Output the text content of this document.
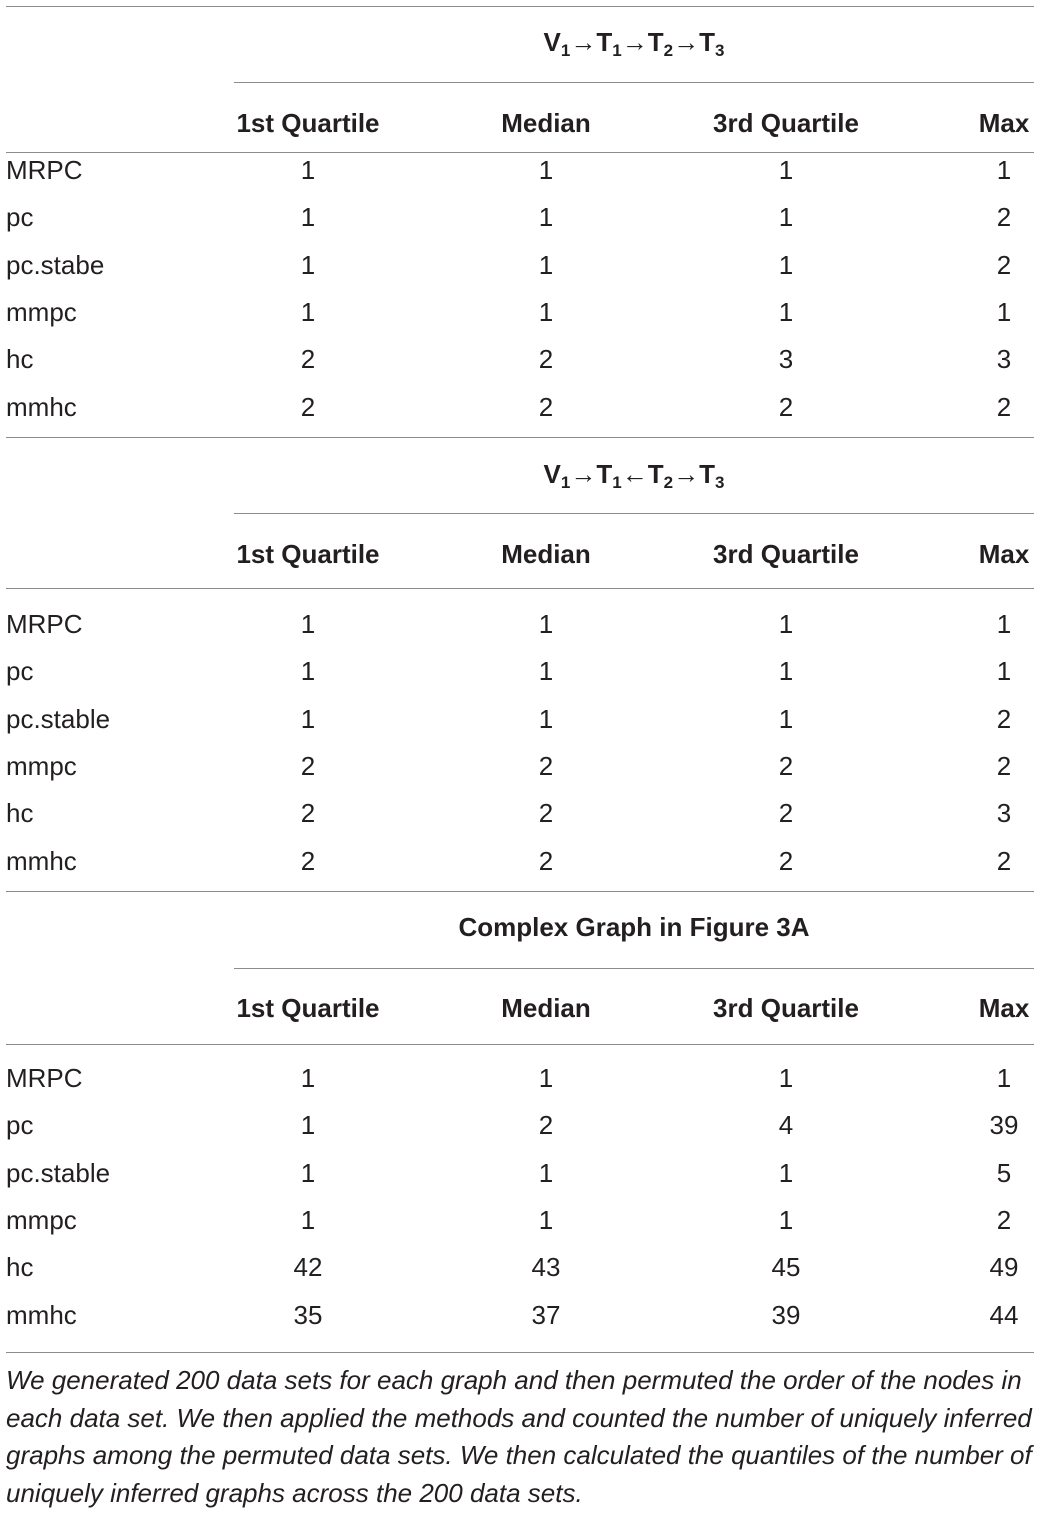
$V_1\to T_1\to T_2\to T_3$
1st Quartile	Median	3rd Quartile	Max
MRPC	1	1	1	1
pc	1	1	1	2
pc.stabe	1	1	1	2
mmpc	1	1	1	1
hc	2	2	3	3
mmhc	2	2	2	2
$V_1\to T_1\leftarrow T_2\to T_3$
1st Quartile	Median	3rd Quartile	Max
MRPC	1	1	1	1
pc	1	1	1	1
pc.stable	1	1	1	2
mmpc	2	2	2	2
hc	2	2	2	3
mmhc	2	2	2	2
Complex Graph in Figure 3A
1st Quartile	Median	3rd Quartile	Max
MRPC	1	1	1	1
pc	1	2	4	39
pc.stable	1	1	1	5
mmpc	1	1	1	2
hc	42	43	45	49
mmhc	35	37	39	44
We generated 200 data sets for each graph and then permuted the order of the nodes in each data set. We then applied the methods and counted the number of uniquely inferred graphs among the permuted data sets. We then calculated the quantiles of the number of uniquely inferred graphs across the 200 data sets.
